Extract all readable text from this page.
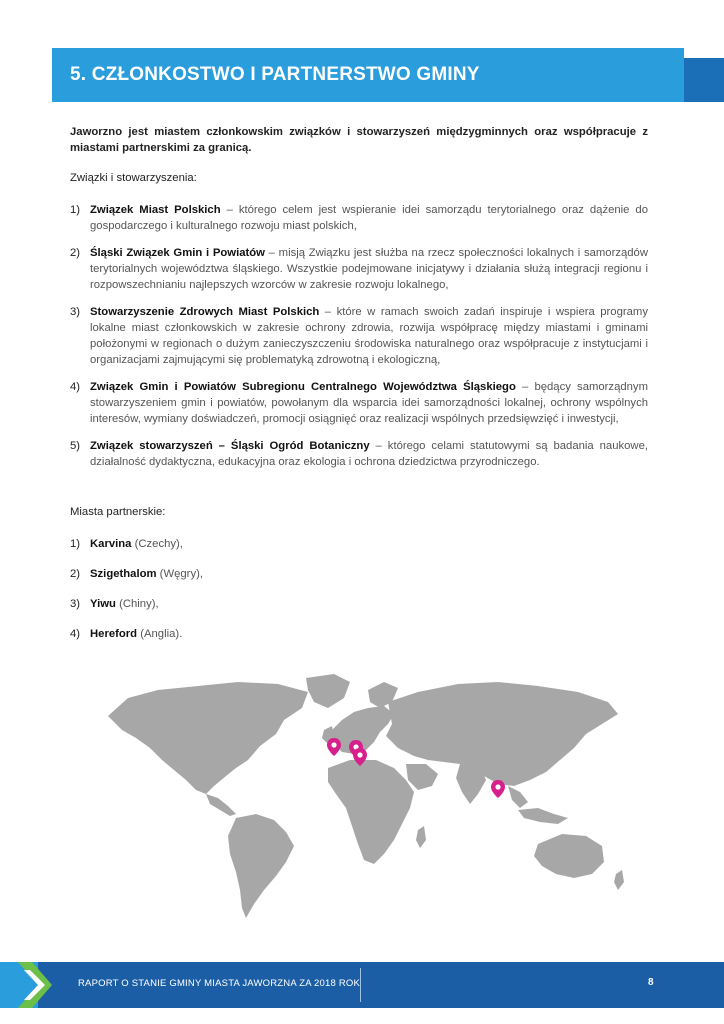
5. CZŁONKOSTWO I PARTNERSTWO GMINY

Jaworzno jest miastem członkowskim związków i stowarzyszeń międzygminnych oraz współpracuje z miastami partnerskimi za granicą.

Związki i stowarzyszenia:

1) Związek Miast Polskich – którego celem jest wspieranie idei samorządu terytorialnego oraz dążenie do gospodarczego i kulturalnego rozwoju miast polskich,
2) Śląski Związek Gmin i Powiatów – misją Związku jest służba na rzecz społeczności lokalnych i samorządów terytorialnych województwa śląskiego. Wszystkie podejmowane inicjatywy i działania służą integracji regionu i rozpowszechnianiu najlepszych wzorców w zakresie rozwoju lokalnego,
3) Stowarzyszenie Zdrowych Miast Polskich – które w ramach swoich zadań inspiruje i wspiera programy lokalne miast członkowskich w zakresie ochrony zdrowia, rozwija współpracę między miastami i gminami położonymi w regionach o dużym zanieczyszczeniu środowiska naturalnego oraz współpracuje z instytucjami i organizacjami zajmującymi się problematyką zdrowotną i ekologiczną,
4) Związek Gmin i Powiatów Subregionu Centralnego Województwa Śląskiego – będący samorządnym stowarzyszeniem gmin i powiatów, powołanym dla wsparcia idei samorządności lokalnej, ochrony wspólnych interesów, wymiany doświadczeń, promocji osiągnięć oraz realizacji wspólnych przedsięwzięć i inwestycji,
5) Związek stowarzyszeń – Śląski Ogród Botaniczny – którego celami statutowymi są badania naukowe, działalność dydaktyczna, edukacyjna oraz ekologia i ochrona dziedzictwa przyrodniczego.

Miasta partnerskie:

1) Karvina (Czechy),
2) Szigethalom (Węgry),
3) Yiwu (Chiny),
4) Hereford (Anglia).

RAPORT O STANIE GMINY MIASTA JAWORZNA ZA 2018 ROK	8
